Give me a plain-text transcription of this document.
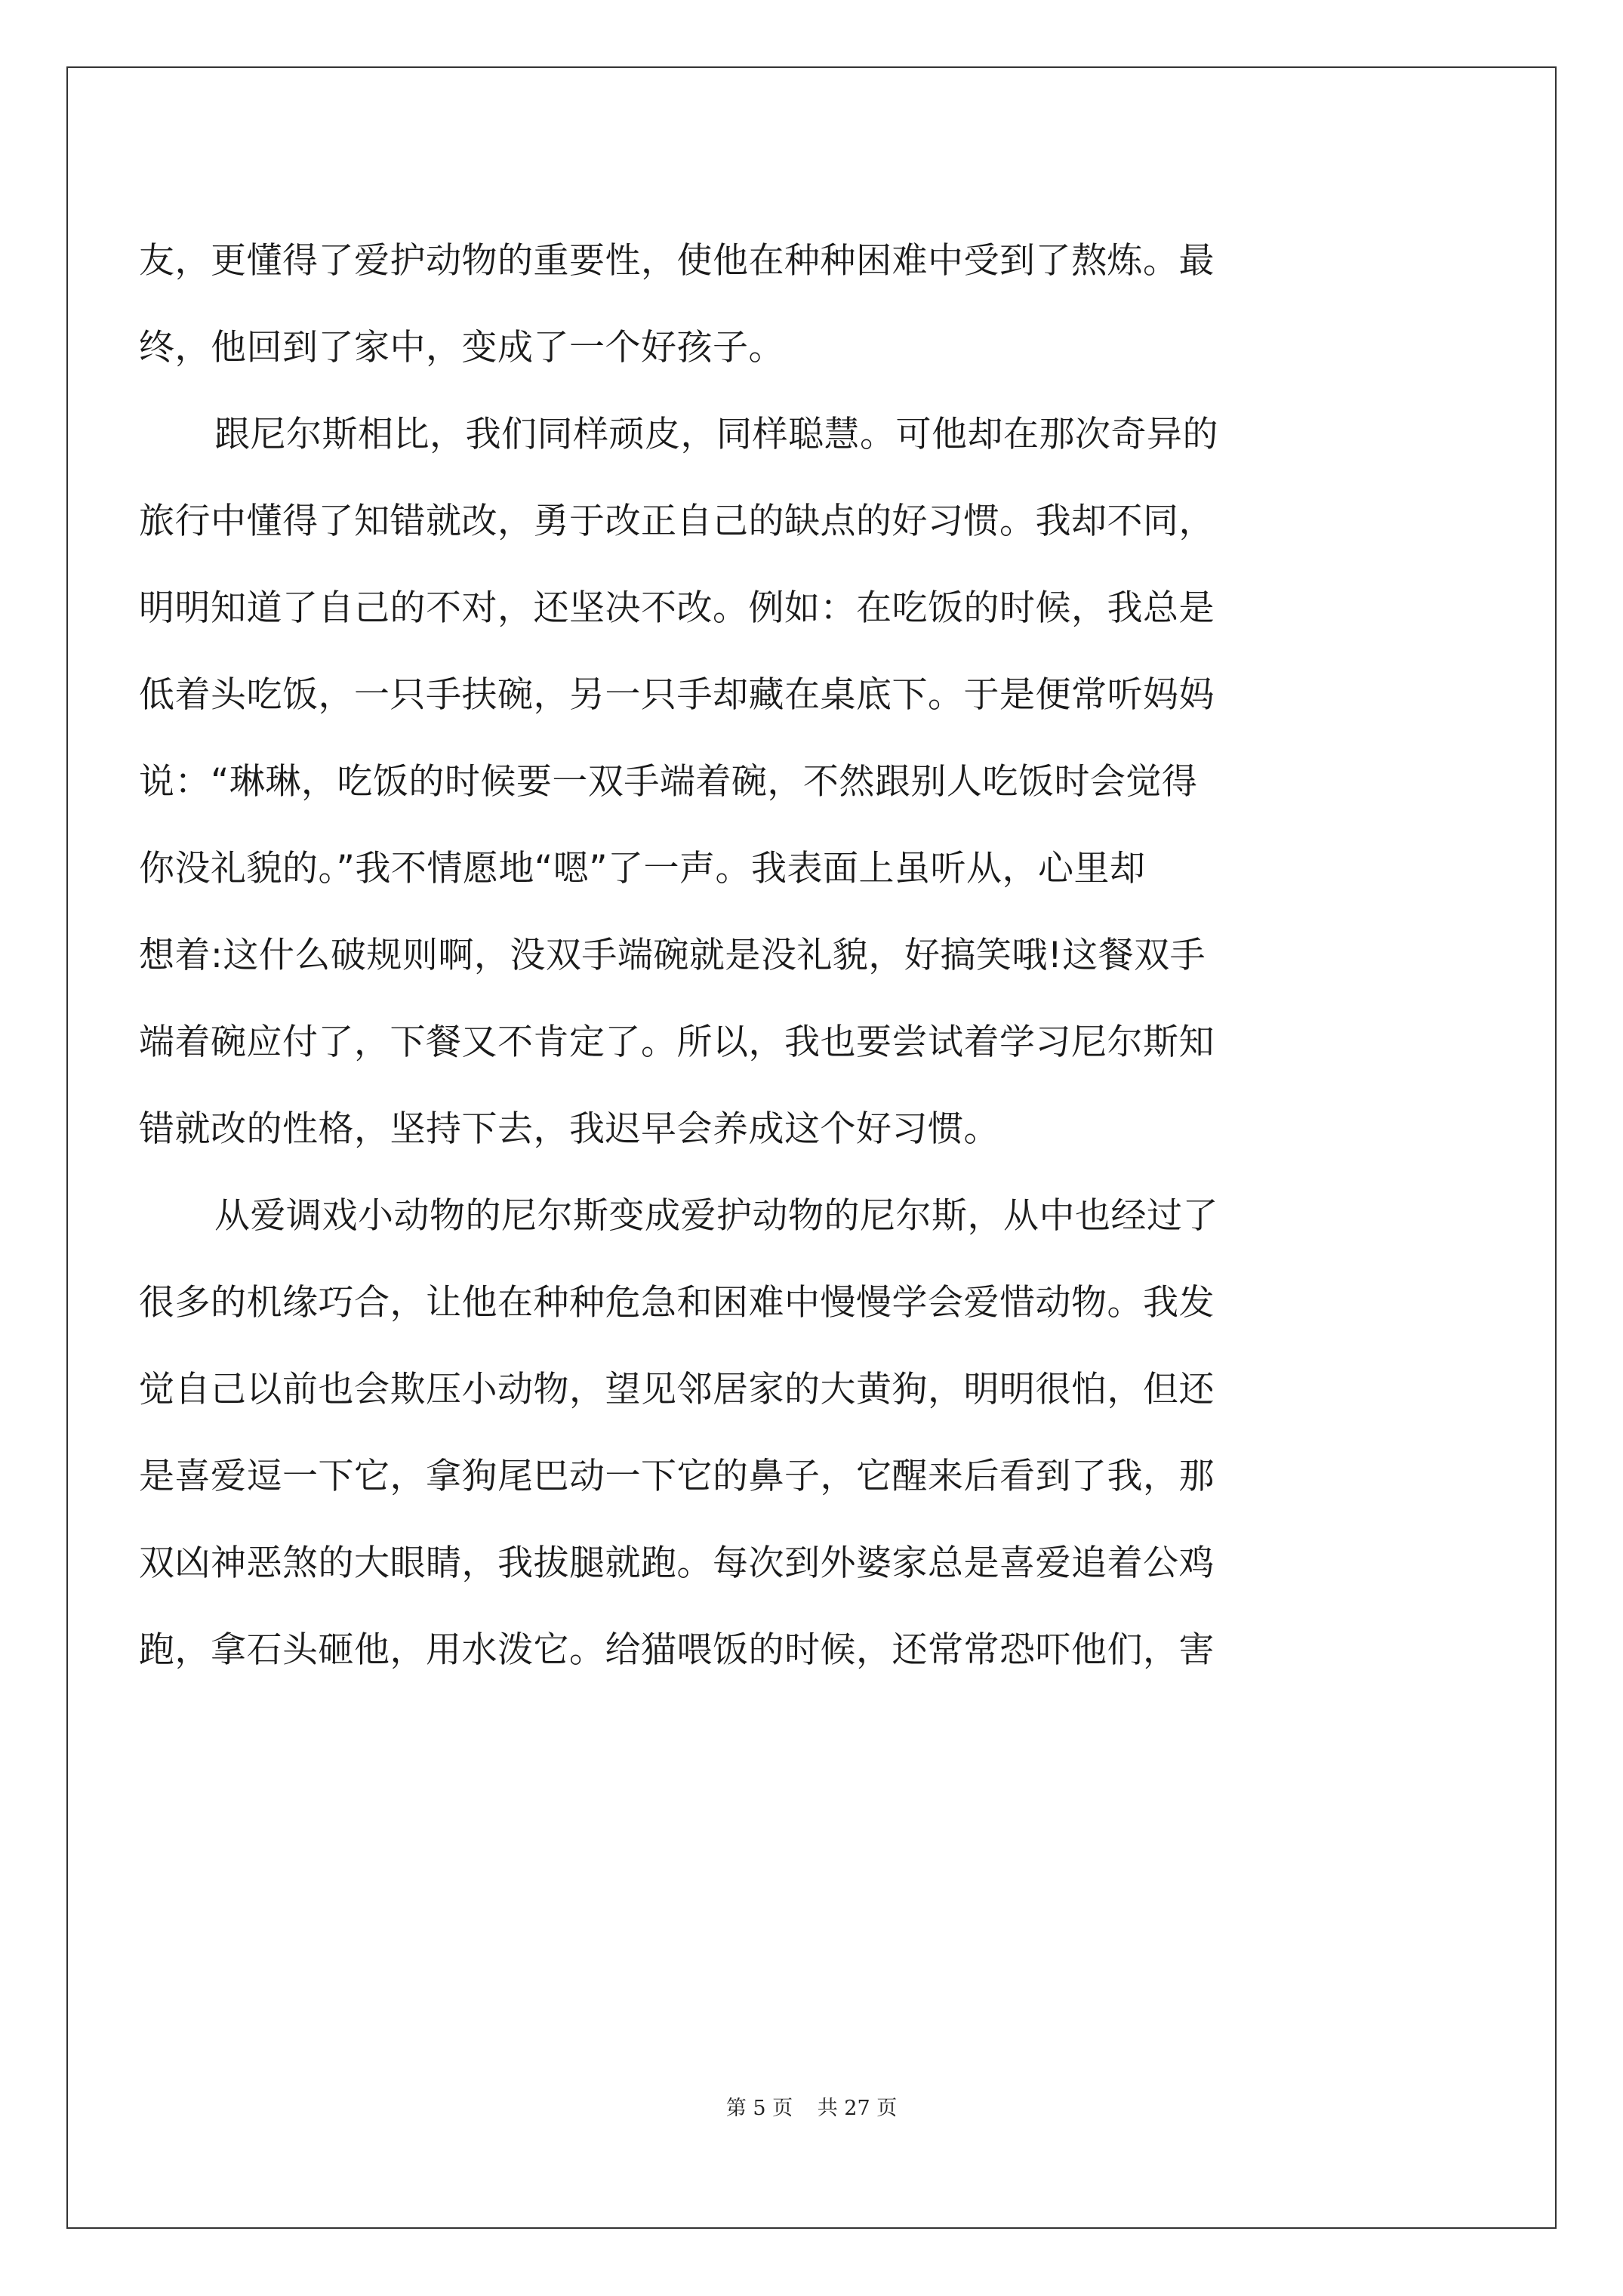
友，更懂得了爱护动物的重要性，使他在种种困难中受到了熬炼。最
终，他回到了家中，变成了一个好孩子。
跟尼尔斯相比，我们同样顽皮，同样聪慧。可他却在那次奇异的
旅行中懂得了知错就改，勇于改正自己的缺点的好习惯。我却不同，
明明知道了自己的不对，还坚决不改。例如：在吃饭的时候，我总是
低着头吃饭，一只手扶碗，另一只手却藏在桌底下。于是便常听妈妈
说：“琳琳，吃饭的时候要一双手端着碗，不然跟别人吃饭时会觉得
你没礼貌的。”我不情愿地“嗯”了一声。我表面上虽听从，心里却
想着:这什么破规则啊，没双手端碗就是没礼貌，好搞笑哦!这餐双手
端着碗应付了，下餐又不肯定了。所以，我也要尝试着学习尼尔斯知
错就改的性格，坚持下去，我迟早会养成这个好习惯。
从爱调戏小动物的尼尔斯变成爱护动物的尼尔斯，从中也经过了
很多的机缘巧合，让他在种种危急和困难中慢慢学会爱惜动物。我发
觉自己以前也会欺压小动物，望见邻居家的大黄狗，明明很怕，但还
是喜爱逗一下它，拿狗尾巴动一下它的鼻子，它醒来后看到了我，那
双凶神恶煞的大眼睛，我拔腿就跑。每次到外婆家总是喜爱追着公鸡
跑，拿石头砸他，用水泼它。给猫喂饭的时候，还常常恐吓他们，害
第 5 页 共 27 页
